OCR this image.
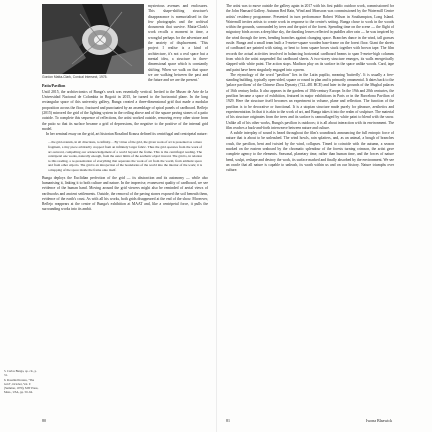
Gordon Matta-Clark, Conical Intersect, 1975.

mysterious avenues and enclosures. This shape-shifting structure's disappearance is memorialised in the few photographs and the archival documents that survive. Matta-Clark's work recalls a moment in time, a wrongful perhaps for the adventure and the anxiety of displacement. 'This project I realise is a kind of architecture, it's not a real space but a mental idea, a structure in three-dimensional space which is constantly shifting. When we walk on that space we are walking between the past and the future and we are the present.'

Patio/Pavilion

Until 2015, the architectonics of Bunga's work was essentially vertical. Invited to the Museo de Arte de la Universidad Nacional de Colombia in Bogotá in 2015, he turned to the horizontal plane. In the long rectangular space of this university gallery, Bunga created a three-dimensional grid that made a modular proposition across the floor, fractured and punctuated by an assemblage of spiral panels of cardboard. Reflejo (2015) mirrored the grid of the lighting system in the ceiling above and of the square paving stones of a patio outside. To complete this sequence of reflections, the artist worked outside, removing every other stone from the patio so that its surface became a grid of depressions, the negative to the positive of the internal grid model.

In her seminal essay on the grid, art historian Rosalind Krauss defined its centrifugal and centripetal nature:

…the grid extends, in all directions, to infinity… By virtue of the grid, the given work of art is presented as a mere fragment, a tiny piece arbitrarily cropped from an infinitely larger fabric. Thus the grid operates from the work of art outward, compelling our acknowledgement of a world beyond the frame. This is the centrifugal reading. The centripetal one works, naturally enough, from the outer limits of the aesthetic object inward. The grid is, in relation to this reading, a re-presentation of everything that separates the work of art from the world, from ambient space and from other objects. The grid is an introjection of the boundaries of the world into the interior of the work; it is a mapping of the space inside the frame onto itself.

Bunga deploys the Euclidian perfection of the grid — its abstraction and its autonomy — while also humanising it, linking it to both culture and nature. In the imprecise, evanescent quality of cardboard, we see evidence of the human hand. Moving around the grid viewers might also be reminded of aerial views of earthworks and ancient settlements. Outside, the removal of the paving stones exposed the soil beneath them, evidence of the earth's crust. As with all his works, both grids disappeared at the end of the show. Moreover, Reflejo reappears at the centre of Bunga's exhibition at MAAT and, like a centripetal force, it pulls the surrounding works into its ambit.

5. Carlos Bunga, op. cit., p. 31.

6. Rosalind Krauss, "The Grid", October, Vol. 9 (Summer, 1979), MIT Press, Mass., USA, pp. 50–64.

80

The artist was to move outside the gallery again in 2017 with his first public outdoor work, commissioned for the John Hansard Gallery. Autumn Red Rain, Wind and Monsoon was commissioned by the Watermill Centre artists' residency programme. Presented in turn performance Robert Wilson in Southampton, Long Island. Watermill invites artists to create work in response to the centre's setting. Bunga chose to work in the woods within the grounds, surrounded by trees and the quiet of the forest. Spending time on the scene — the flight of migratory birds across a deep blue sky, the dazzling leaves reflected in puddles after rain — he was inspired by the wind through the trees, bending branches against changing space. Branches dance in the wind, tall grasses rustle. Bunga and a small team built a 5-metre-square wooden base-frame on the forest floor. Giant the sheets of cardboard are painted with sizing, or bent to form square boxes stuck together with brown tape. The film records the actual activities involved in balancing horizontal cardboard beams to span 5-metre-high columns from which the artist suspended flat cardboard sheets. A two-storey structure emerges, its walls energetically slapped with white paint. The action stops. Madison play on its surface in the space unlike woods. Card, tape and paint have been singularly engaged into a poem.

The etymology of the word "pavilion" lies in the Latin papilio, meaning 'butterfly'. It is usually a free-standing building, typically open-sided, square or round in plan and is primarily ornamental. It dates back to the 'palace pavilions' of the Chinese Zhou Dynasty (722–481 BCE) and later in the grounds of the Mughal palaces of 16th century India. It also appears in the gardens of 18th-century Europe. In the 19th and 20th centuries, the pavilion became a space of exhibition, featured in major exhibitions in Paris or in the Barcelona Pavilion of 1929. Here the structure itself becomes an experiment in volume, plane and reflection. The function of the pavilion is to be decorative or functional. It is a utopian structure made purely for pleasure, aesthetics and experimentation. In that it is akin to the work of art, and Bunga takes it into the realm of sculpture. The material of his structure originates from the trees and its surface is camouflaged by white paint to blend with the snow. Unlike all of his other works, Bunga's pavilion is outdoors; it is all about interaction with its environment. The film reaches a back-and-forth interweave between nature and culture.

A subtle interplay of sound is heard throughout the film's soundtrack announcing the full entropic force of nature that is about to be unleashed. The wind howls, rain splatters, and, as an animal, a bough of branches crash, the pavilion, bent and twisted by the wind, collapses. Timed to coincide with the autumn, a season marked on the eastern seaboard by the chromatic splendour of the forests turning crimson, the artist gave complete agency to the elements. Seasonal, planetary time, rather than human time, and the forces of nature bend, sculpt, reshape and destroy the work, its surface marked and finally absorbed by the environment. We see an oracle that all nature is capable to unleash, its wrath within us and on our history. Nature triumphs over culture.

81	Iwona Blazwick
